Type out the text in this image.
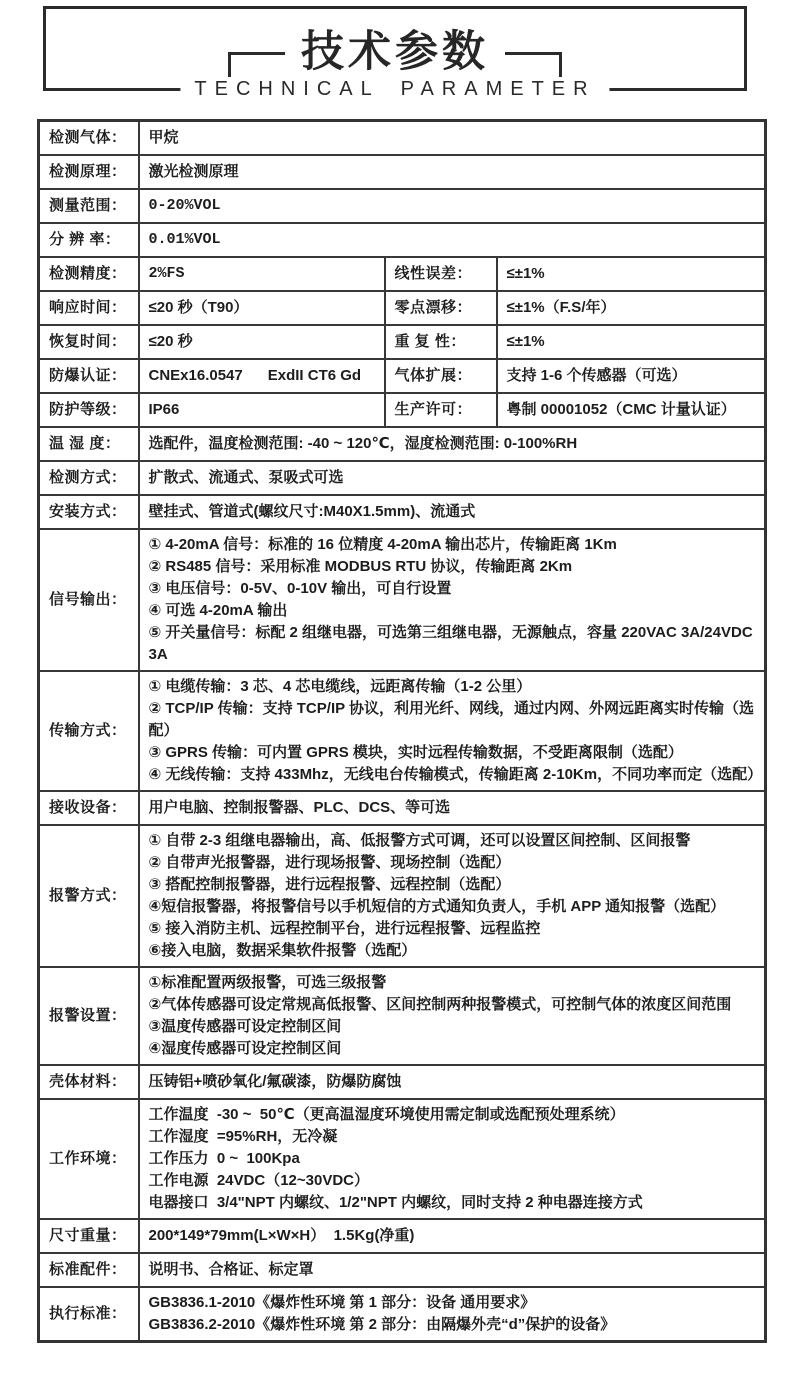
技术参数
TECHNICAL PARAMETER
检测气体：	甲烷		
检测原理：	激光检测原理		
测量范围：	0-20%VOL		
分 辨 率：	0.01%VOL		
检测精度：	2%FS	线性误差：	≤±1%
响应时间：	≤20 秒（T90）	零点漂移：	≤±1%（F.S/年）
恢复时间：	≤20 秒	重 复 性：	≤±1%
防爆认证：	CNEx16.0547      ExdII CT6 Gd	气体扩展：	支持 1-6 个传感器（可选）
防护等级：	IP66	生产许可：	粤制 00001052（CMC 计量认证）
温 湿 度：	选配件，温度检测范围: -40 ~ 120℃，湿度检测范围: 0-100%RH		
检测方式：	扩散式、流通式、泵吸式可选		
安装方式：	壁挂式、管道式(螺纹尺寸:M40X1.5mm)、流通式		
信号输出：	① 4-20mA 信号：标准的 16 位精度 4-20mA 输出芯片，传输距离 1Km
② RS485 信号：采用标准 MODBUS RTU 协议，传输距离 2Km
③ 电压信号：0-5V、0-10V 输出，可自行设置
④ 可选 4-20mA 输出
⑤ 开关量信号：标配 2 组继电器，可选第三组继电器，无源触点，容量 220VAC 3A/24VDC 3A		

传输方式：	① 电缆传输：3 芯、4 芯电缆线，远距离传输（1-2 公里）
② TCP/IP 传输：支持 TCP/IP 协议，利用光纤、网线，通过内网、外网远距离实时传输（选配）
③ GPRS 传输：可内置 GPRS 模块，实时远程传输数据，不受距离限制（选配）
④ 无线传输：支持 433Mhz，无线电台传输模式，传输距离 2-10Km，不同功率而定（选配）		

接收设备：	用户电脑、控制报警器、PLC、DCS、等可选		
报警方式：	
① 自带 2-3 组继电器输出，高、低报警方式可调，还可以设置区间控制、区间报警
② 自带声光报警器，进行现场报警、现场控制（选配）
③ 搭配控制报警器，进行远程报警、远程控制（选配）
④短信报警器，将报警信号以手机短信的方式通知负责人，手机 APP 通知报警（选配）
⑤ 接入消防主机、远程控制平台，进行远程报警、远程监控
⑥接入电脑，数据采集软件报警（选配）

报警设置：	①标准配置两级报警，可选三级报警
②气体传感器可设定常规高低报警、区间控制两种报警模式，可控制气体的浓度区间范围
③温度传感器可设定控制区间
④湿度传感器可设定控制区间		

壳体材料：	压铸铝+喷砂氧化/氟碳漆，防爆防腐蚀		
工作环境：	工作温度  -30 ~  50℃（更高温湿度环境使用需定制或选配预处理系统）
工作湿度  =95%RH，无冷凝
工作压力  0 ~  100Kpa
工作电源  24VDC（12~30VDC）
电器接口  3/4"NPT 内螺纹、1/2"NPT 内螺纹，同时支持 2 种电器连接方式		

尺寸重量：	200*149*79mm(L×W×H）  1.5Kg(净重)		
标准配件：	说明书、合格证、标定罩		
执行标准：	GB3836.1-2010《爆炸性环境 第 1 部分：设备 通用要求》
GB3836.2-2010《爆炸性环境 第 2 部分：由隔爆外壳“d”保护的设备》		
